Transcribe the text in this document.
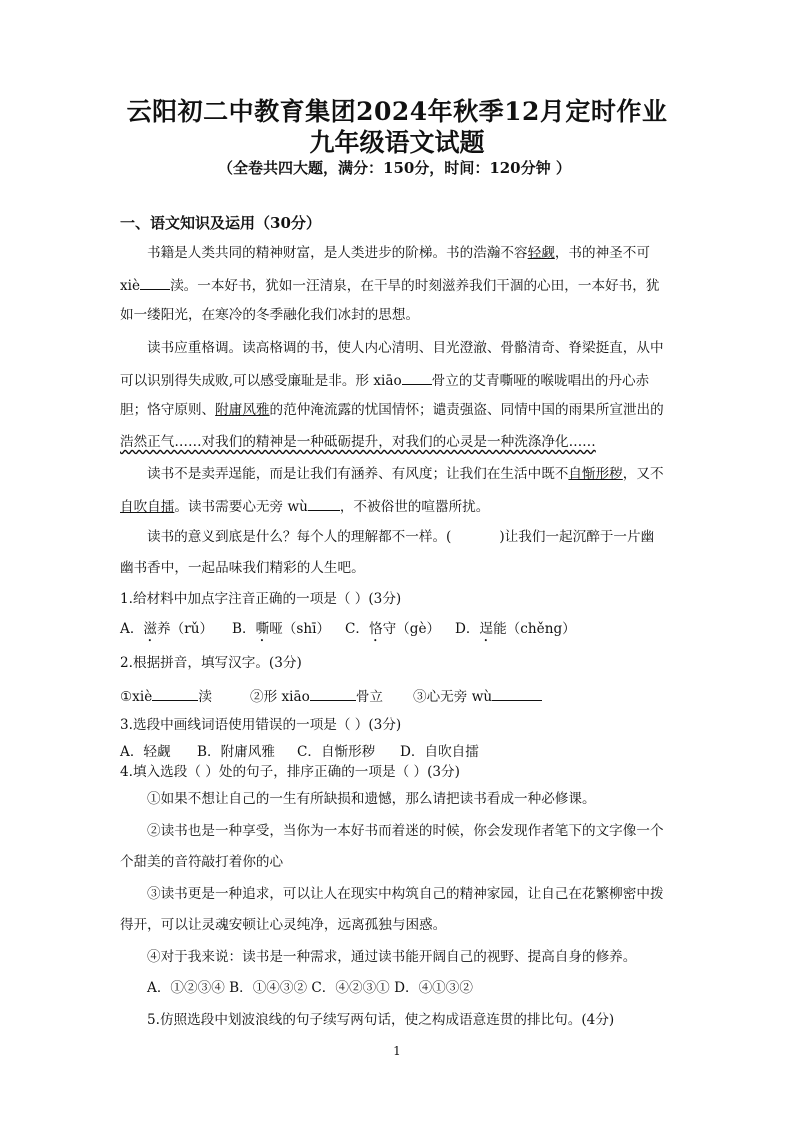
云阳初二中教育集团2024年秋季12月定时作业
九年级语文试题
（全卷共四大题，满分：150分，时间：120分钟 ）
一、语文知识及运用（30分）
书籍是人类共同的精神财富，是人类进步的阶梯。书的浩瀚不容轻觑，书的神圣不可
xiè 渎。一本好书，犹如一汪清泉，在干旱的时刻滋养我们干涸的心田，一本好书，犹
如一缕阳光，在寒冷的冬季融化我们冰封的思想。
读书应重格调。读高格调的书，使人内心清明、目光澄澈、骨骼清奇、脊梁挺直，从中
可以识别得失成败,可以感受廉耻是非。形 xiāo 骨立的艾青嘶哑的喉咙唱出的丹心赤
胆；恪守原则、附庸风雅的范仲淹流露的忧国情怀；谴责强盗、同情中国的雨果所宣泄出的
浩然正气……对我们的精神是一种砥砺提升，对我们的心灵是一种洗涤净化……
读书不是卖弄逞能，而是让我们有涵养、有风度；让我们在生活中既不自惭形秽，又不
自吹自擂。读书需要心无旁 wù ，不被俗世的喧嚣所扰。
读书的意义到底是什么？每个人的理解都不一样。(	)让我们一起沉醉于一片幽
幽书香中，一起品味我们精彩的人生吧。
1.给材料中加点字注音正确的一项是（ ）(3分)
A．滋养（rǔ） B．嘶哑（shī） C．恪守（gè） D．逞能（chěng）
2.根据拼音，填写汉字。(3分)
①xiè	渎	②形 xiāo	骨立 ③心无旁 wù
3.选段中画线词语使用错误的一项是（ ）(3分)
A．轻觑 B．附庸风雅 C．自惭形秽 D．自吹自擂
4.填入选段（ ）处的句子，排序正确的一项是（ ）(3分)
①如果不想让自己的一生有所缺损和遗憾，那么请把读书看成一种必修课。
②读书也是一种享受，当你为一本好书而着迷的时候，你会发现作者笔下的文字像一个
个甜美的音符敲打着你的心
③读书更是一种追求，可以让人在现实中构筑自己的精神家园，让自己在花繁柳密中拨
得开，可以让灵魂安顿让心灵纯净，远离孤独与困惑。
④对于我来说：读书是一种需求，通过读书能开阔自己的视野、提高自身的修养。
A．①②③④ B．①④③② C．④②③① D．④①③②
5.仿照选段中划波浪线的句子续写两句话，使之构成语意连贯的排比句。(4分)
1
